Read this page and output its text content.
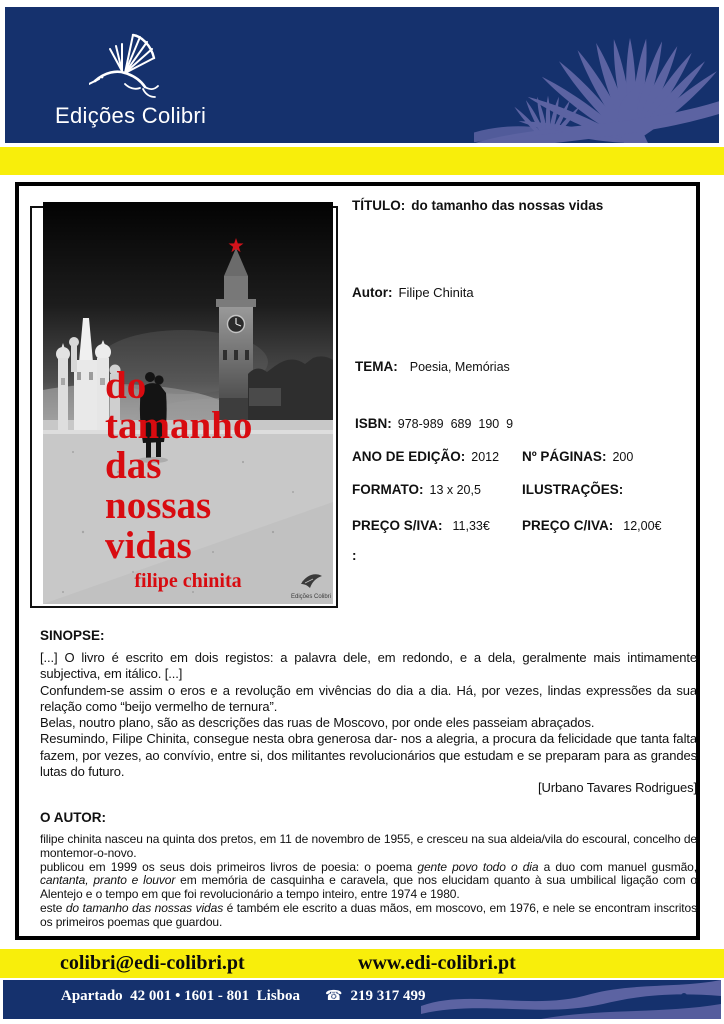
Edições Colibri
Edições Colibri
do
tamanho
das
nossas
vidas
filipe chinita
TÍTULO: do tamanho das nossas vidas
Autor: Filipe Chinita
TEMA: Poesia, Memórias
ISBN: 978-989  689  190  9
ANO DE EDIÇÃO: 2012 Nº PÁGINAS: 200
FORMATO: 13 x 20,5	ILUSTRAÇÕES:
PREÇO S/IVA: 11,33€ PREÇO C/IVA: 12,00€
:
SINOPSE:

[...] O livro é escrito em dois registos: a palavra dele, em redondo, e a dela, geralmente mais intimamente subjectiva, em itálico. [...]

Confundem-se assim o eros e a revolução em vivências do dia a dia. Há, por vezes, lindas expressões da sua relação como “beijo vermelho de ternura”.

Belas, noutro plano, são as descrições das ruas de Moscovo, por onde eles passeiam abraçados.

Resumindo, Filipe Chinita, consegue nesta obra generosa dar- nos a alegria, a procura da felicidade que tanta falta fazem, por vezes, ao convívio, entre si, dos militantes revolucionários que estudam e se preparam para as grandes lutas do futuro.

[Urbano Tavares Rodrigues]

O AUTOR:

filipe chinita nasceu na quinta dos pretos, em 11 de novembro de 1955, e cresceu na sua aldeia/vila do escoural, concelho de montemor-o-novo.

publicou em 1999 os seus dois primeiros livros de poesia: o poema gente povo todo o dia a duo com manuel gusmão, cantanta, pranto e louvor em memória de casquinha e caravela, que nos elucidam quanto à sua umbilical ligação com o Alentejo e o tempo em que foi revolucionário a tempo inteiro, entre 1974 e 1980.

este do tamanho das nossas vidas é também ele escrito a duas mãos, em moscovo, em 1976, e nele se encontram inscritos os primeiros poemas que guardou.

colibri@edi-colibri.pt	www.edi-colibri.pt
Apartado  42 001 • 1601 - 801  Lisboa ☎ 219 317 499
